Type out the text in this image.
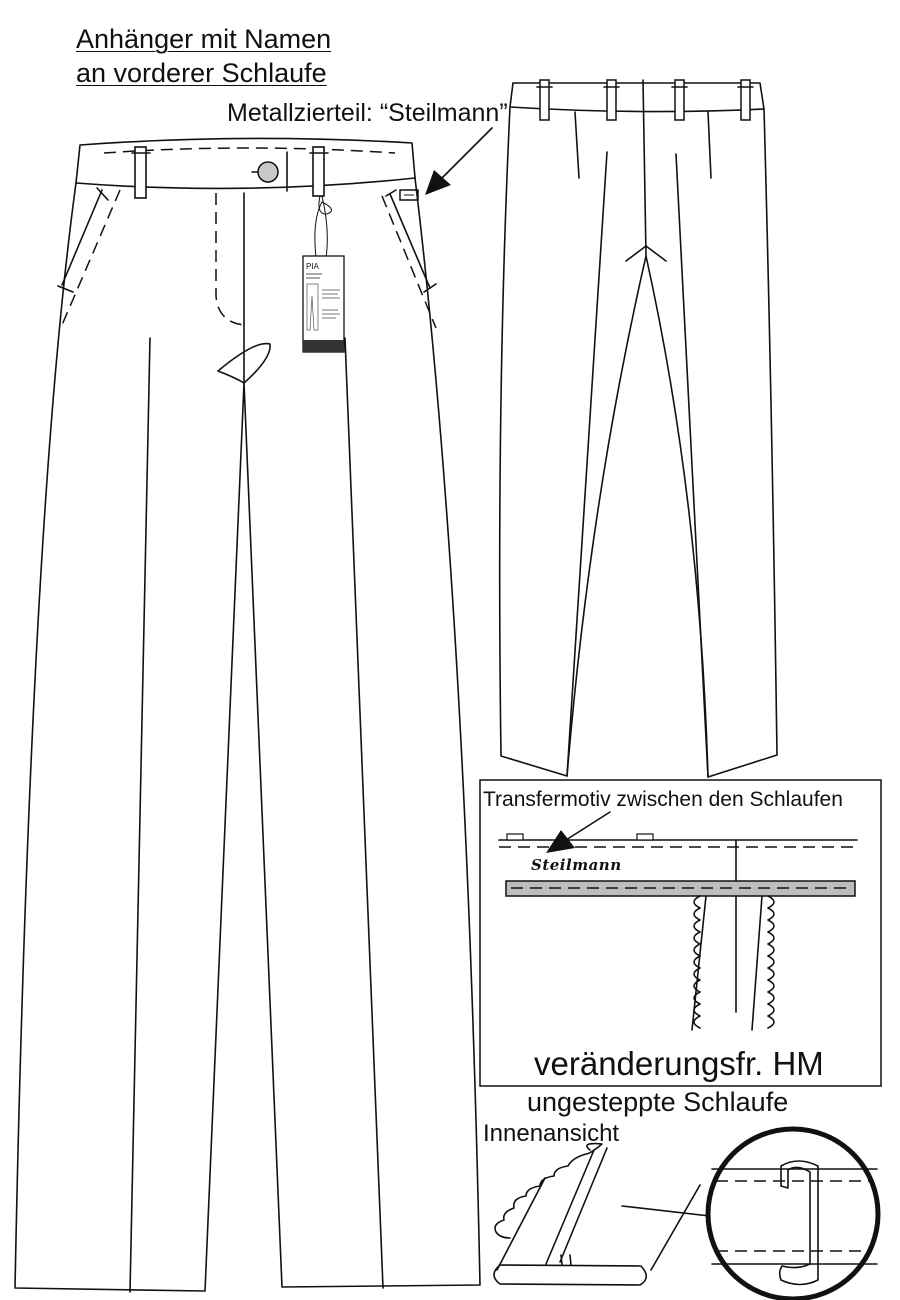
Anhänger mit Namen
an vorderer Schlaufe
Metallzierteil: “Steilmann”
Transfermotiv zwischen den Schlaufen
Steilmann
veränderungsfr. HM
ungesteppte Schlaufe
Innenansicht
PIA
